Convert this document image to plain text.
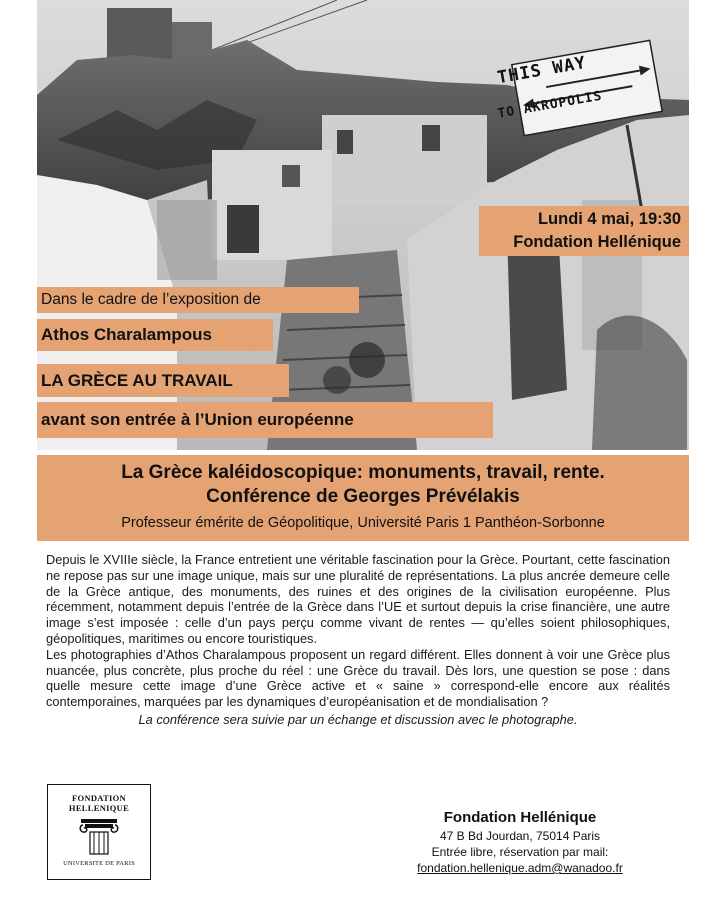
THIS WAY
TO AKROPOLIS
Lundi 4 mai, 19:30
Fondation Hellénique
Dans le cadre de l’exposition de
Athos Charalampous
LA GRÈCE AU TRAVAIL
avant son entrée à l’Union européenne
La Grèce kaléidoscopique: monuments, travail, rente.
Conférence de Georges Prévélakis
Professeur émérite de Géopolitique, Université Paris 1 Panthéon-Sorbonne

Depuis le XVIIIe siècle, la France entretient une véritable fascination pour la Grèce. Pourtant, cette fascination ne repose pas sur une image unique, mais sur une pluralité de représentations. La plus ancrée demeure celle de la Grèce antique, des monuments, des ruines et des origines de la civilisation européenne. Plus récemment, notamment depuis l’entrée de la Grèce dans l’UE et surtout depuis la crise financière, une autre image s’est imposée : celle d’un pays perçu comme vivant de rentes — qu’elles soient philosophiques, géopolitiques, maritimes ou encore touristiques.

Les photographies d’Athos Charalampous proposent un regard différent. Elles donnent à voir une Grèce plus nuancée, plus concrète, plus proche du réel : une Grèce du travail. Dès lors, une question se pose : dans quelle mesure cette image d’une Grèce active et « saine » correspond-elle encore aux réalités contemporaines, marquées par les dynamiques d’européanisation et de mondialisation ?

La conférence sera suivie par un échange et discussion avec le photographe.

FONDATION
HELLENIQUE
UNIVERSITE DE PARIS
Fondation Hellénique
47 B Bd Jourdan, 75014 Paris
Entrée libre, réservation par mail:
fondation.hellenique.adm@wanadoo.fr
